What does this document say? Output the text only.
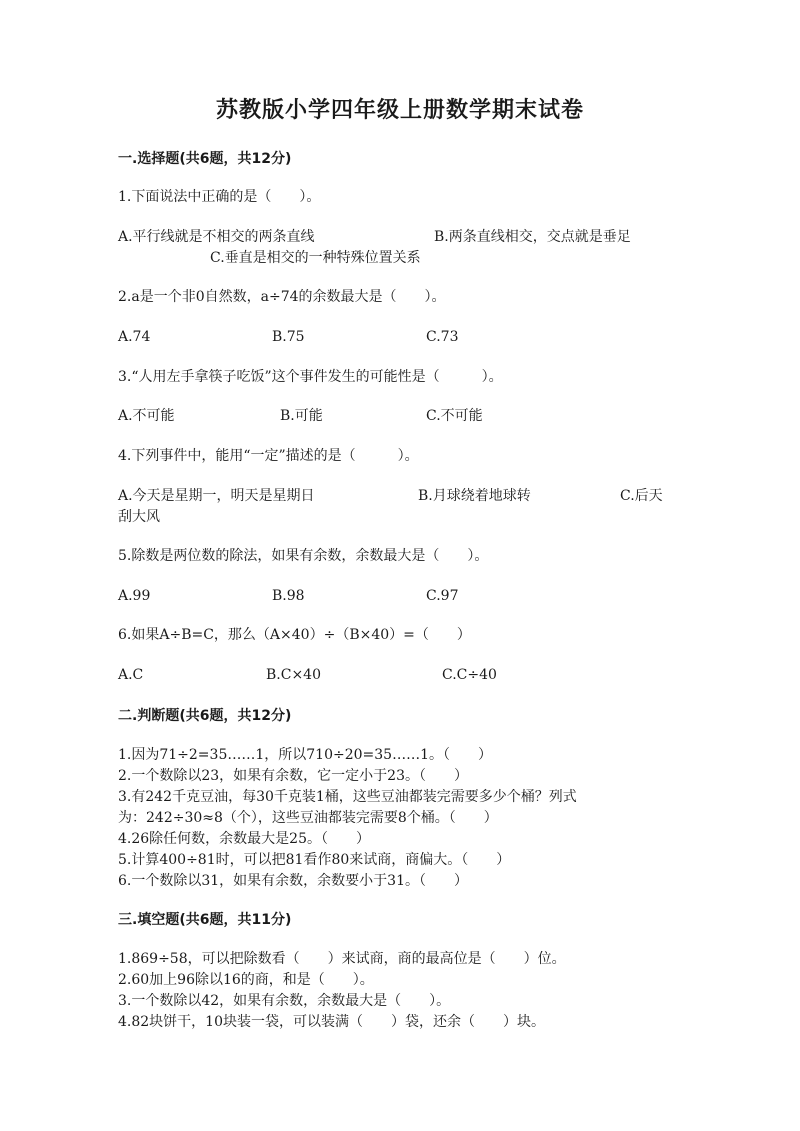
苏教版小学四年级上册数学期末试卷
一.选择题(共6题，共12分)
1.下面说法中正确的是（　　）。
A.平行线就是不相交的两条直线	B.两条直线相交，交点就是垂足
C.垂直是相交的一种特殊位置关系
2.a是一个非0自然数，a÷74的余数最大是（　　）。
A.74	B.75	C.73
3.“人用左手拿筷子吃饭”这个事件发生的可能性是（　　　）。
A.不可能	B.可能	C.不可能
4.下列事件中，能用“一定”描述的是（　　　）。
A.今天是星期一，明天是星期日	B.月球绕着地球转	C.后天
刮大风
5.除数是两位数的除法，如果有余数，余数最大是（　　）。
A.99	B.98	C.97
6.如果A÷B=C，那么（A×40）÷（B×40）=（　　）
A.C	B.C×40	C.C÷40
二.判断题(共6题，共12分)
1.因为71÷2=35……1，所以710÷20=35……1。（　　）
2.一个数除以23，如果有余数，它一定小于23。（　　）
3.有242千克豆油，每30千克装1桶，这些豆油都装完需要多少个桶？列式
为：242÷30≈8（个），这些豆油都装完需要8个桶。（　　）
4.26除任何数，余数最大是25。（　　）
5.计算400÷81时，可以把81看作80来试商，商偏大。（　　）
6.一个数除以31，如果有余数，余数要小于31。（　　）
三.填空题(共6题，共11分)
1.869÷58，可以把除数看（　　）来试商，商的最高位是（　　）位。
2.60加上96除以16的商，和是（　　）。
3.一个数除以42，如果有余数，余数最大是（　　）。
4.82块饼干，10块装一袋，可以装满（　　）袋，还余（　　）块。
